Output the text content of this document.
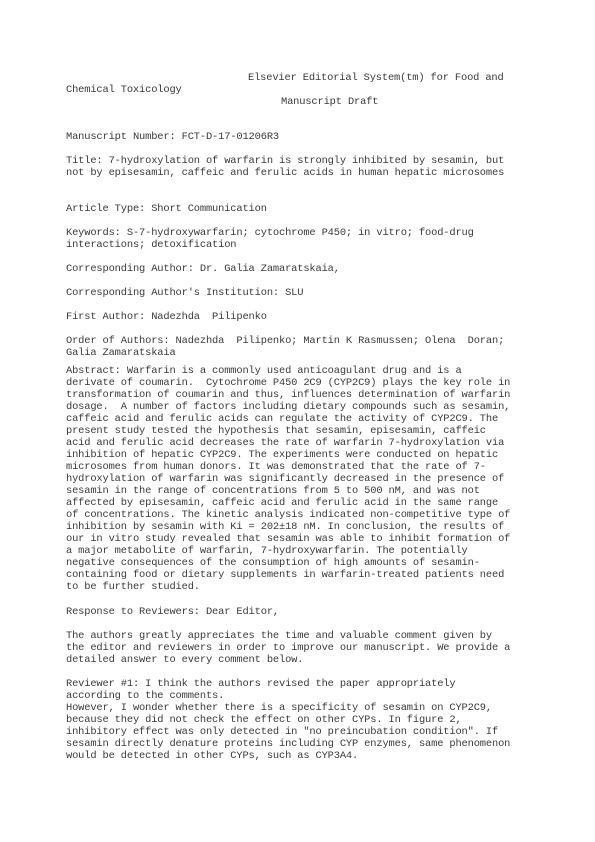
Elsevier Editorial System(tm) for Food and
Chemical Toxicology
Manuscript Draft
Manuscript Number: FCT-D-17-01206R3
Title: 7-hydroxylation of warfarin is strongly inhibited by sesamin, but
not by episesamin, caffeic and ferulic acids in human hepatic microsomes
Article Type: Short Communication
Keywords: S-7-hydroxywarfarin; cytochrome P450; in vitro; food-drug
interactions; detoxification
Corresponding Author: Dr. Galia Zamaratskaia,
Corresponding Author's Institution: SLU
First Author: Nadezhda  Pilipenko
Order of Authors: Nadezhda  Pilipenko; Martin K Rasmussen; Olena  Doran;
Galia Zamaratskaia
Abstract: Warfarin is a commonly used anticoagulant drug and is a
derivate of coumarin.  Cytochrome P450 2C9 (CYP2C9) plays the key role in
transformation of coumarin and thus, influences determination of warfarin
dosage.  A number of factors including dietary compounds such as sesamin,
caffeic acid and ferulic acids can regulate the activity of CYP2C9. The
present study tested the hypothesis that sesamin, episesamin, caffeic
acid and ferulic acid decreases the rate of warfarin 7-hydroxylation via
inhibition of hepatic CYP2C9. The experiments were conducted on hepatic
microsomes from human donors. It was demonstrated that the rate of 7-
hydroxylation of warfarin was significantly decreased in the presence of
sesamin in the range of concentrations from 5 to 500 nM, and was not
affected by episesamin, caffeic acid and ferulic acid in the same range
of concentrations. The kinetic analysis indicated non-competitive type of
inhibition by sesamin with Ki = 202±18 nM. In conclusion, the results of
our in vitro study revealed that sesamin was able to inhibit formation of
a major metabolite of warfarin, 7-hydroxywarfarin. The potentially
negative consequences of the consumption of high amounts of sesamin-
containing food or dietary supplements in warfarin-treated patients need
to be further studied.
Response to Reviewers: Dear Editor,
The authors greatly appreciates the time and valuable comment given by
the editor and reviewers in order to improve our manuscript. We provide a
detailed answer to every comment below.
Reviewer #1: I think the authors revised the paper appropriately
according to the comments.
However, I wonder whether there is a specificity of sesamin on CYP2C9,
because they did not check the effect on other CYPs. In figure 2,
inhibitory effect was only detected in "no preincubation condition". If
sesamin directly denature proteins including CYP enzymes, same phenomenon
would be detected in other CYPs, such as CYP3A4.
